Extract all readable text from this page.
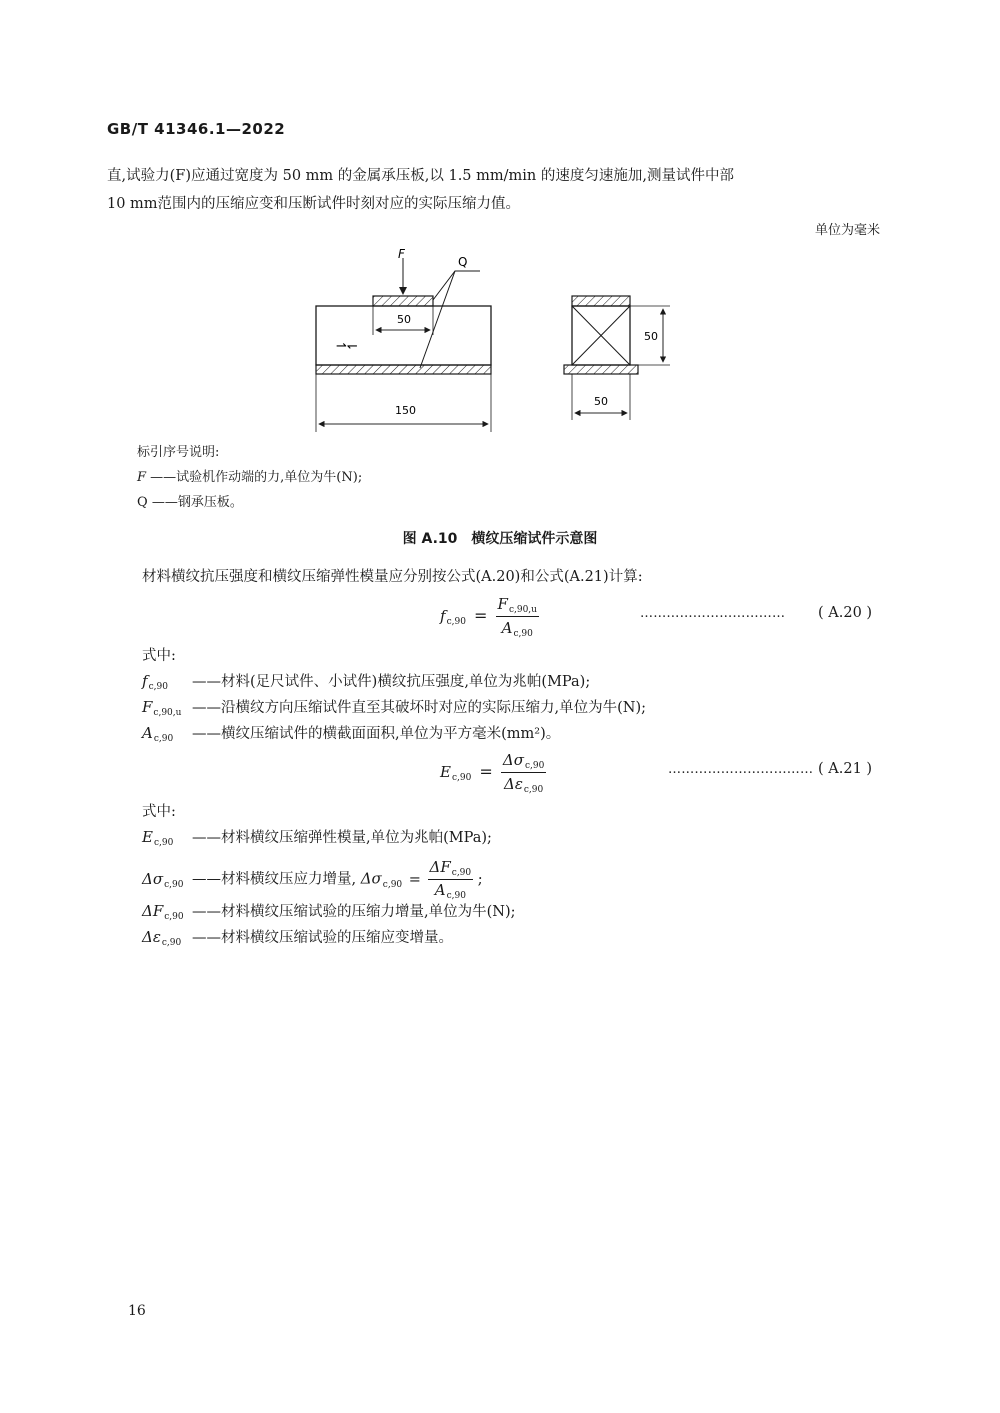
GB/T 41346.1—2022
直,试验力(F)应通过宽度为 50 mm 的金属承压板,以 1.5 mm/min 的速度匀速施加,测量试件中部
10 mm范围内的压缩应变和压断试件时刻对应的实际压缩力值。
单位为毫米
F
Q
50
⇀↽
150
50
50
标引序号说明:
F ——试验机作动端的力,单位为牛(N);
Q ——钢承压板。
图 A.10　横纹压缩试件示意图
材料横纹抗压强度和横纹压缩弹性模量应分别按公式(A.20)和公式(A.21)计算:
$f_{c,90} = \frac{F_{c,90,u}}{A_{c,90}}$	…………………………… ( A.20 )
式中:
$f_{c,90}$ ——材料(足尺试件、小试件)横纹抗压强度,单位为兆帕(MPa);
$F_{c,90,u}$ ——沿横纹方向压缩试件直至其破坏时对应的实际压缩力,单位为牛(N);
$A_{c,90}$ ——横纹压缩试件的横截面面积,单位为平方毫米(mm²)。
$E_{c,90} = \frac{\Delta\sigma_{c,90}}{\Delta\varepsilon_{c,90}}$	…………………………… ( A.21 )
式中:
$E_{c,90}$ ——材料横纹压缩弹性模量,单位为兆帕(MPa);
$\Delta\sigma_{c,90}$ ——材料横纹压应力增量, $\Delta\sigma_{c,90} = \frac{\Delta F_{c,90}}{A_{c,90}}$ ;
$\Delta F_{c,90}$ ——材料横纹压缩试验的压缩力增量,单位为牛(N);
$\Delta\varepsilon_{c,90}$ ——材料横纹压缩试验的压缩应变增量。
16
